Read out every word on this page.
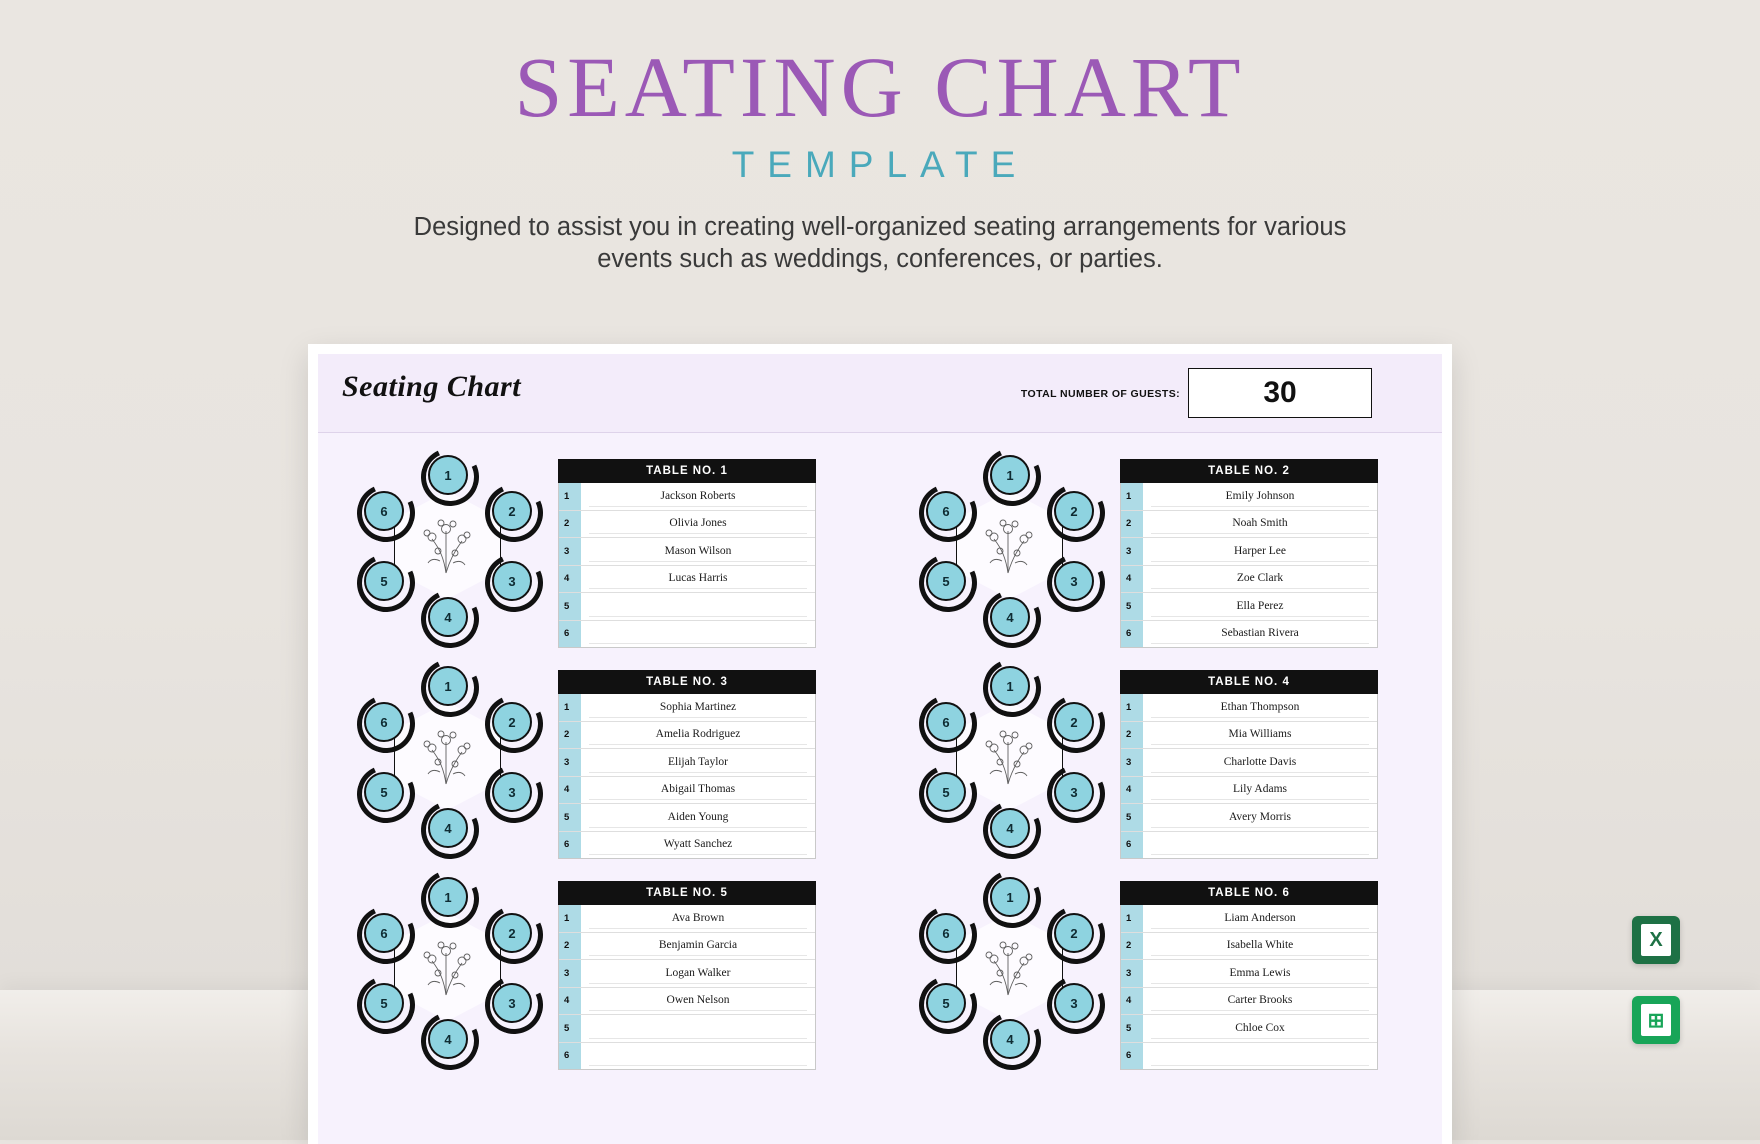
SEATING CHART
TEMPLATE
Designed to assist you in creating well-organized seating arrangements for various events such as weddings, conferences, or parties.
Seating Chart	TOTAL NUMBER OF GUESTS:	30
1
2
3
4
5
6
TABLE NO. 1
1	Jackson Roberts
2	Olivia Jones
3	Mason Wilson
4	Lucas Harris
5
6
1
2
3
4
5
6
TABLE NO. 2
1	Emily Johnson
2	Noah Smith
3	Harper Lee
4	Zoe Clark
5	Ella Perez
6	Sebastian Rivera
1
2
3
4
5
6
TABLE NO. 3
1	Sophia Martinez
2	Amelia Rodriguez
3	Elijah Taylor
4	Abigail Thomas
5	Aiden Young
6	Wyatt Sanchez
1
2
3
4
5
6
TABLE NO. 4
1	Ethan Thompson
2	Mia Williams
3	Charlotte Davis
4	Lily Adams
5	Avery Morris
6
1
2
3
4
5
6
TABLE NO. 5
1	Ava Brown
2	Benjamin Garcia
3	Logan Walker
4	Owen Nelson
5
6
1
2
3
4
5
6
TABLE NO. 6
1	Liam Anderson
2	Isabella White
3	Emma Lewis
4	Carter Brooks
5	Chloe Cox
6
X
⊞
